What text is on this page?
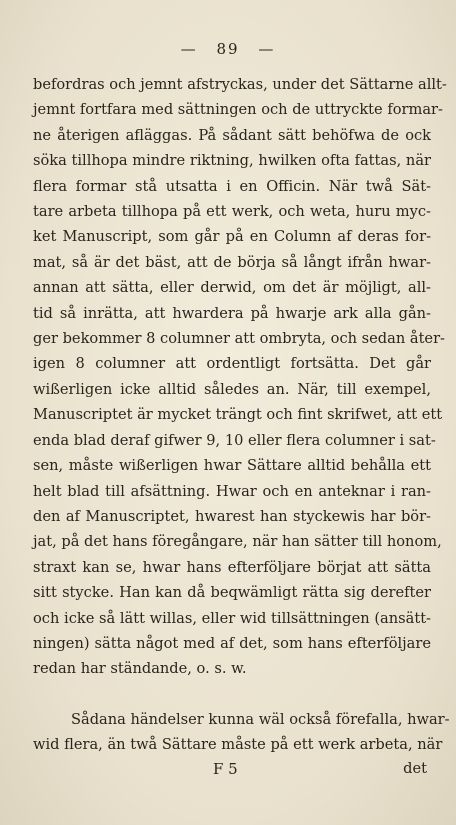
— 89 —
befordras och jemnt afstryckas, under det Sättarne allt-
jemnt fortfara med sättningen och de uttryckte formar-
ne återigen afläggas. På sådant sätt behöfwa de ock
söka tillhopa mindre riktning, hwilken ofta fattas, när
flera formar stå utsatta i en Officin. När twå Sät-
tare arbeta tillhopa på ett werk, och weta, huru myc-
ket Manuscript, som går på en Column af deras for-
mat, så är det bäst, att de börja så långt ifrån hwar-
annan att sätta, eller derwid, om det är möjligt, all-
tid så inrätta, att hwardera på hwarje ark alla gån-
ger bekommer 8 columner att ombryta, och sedan åter-
igen 8 columner att ordentligt fortsätta. Det går
wißerligen icke alltid således an. När, till exempel,
Manuscriptet är mycket trängt och fint skrifwet, att ett
enda blad deraf gifwer 9, 10 eller flera columner i sat-
sen, måste wißerligen hwar Sättare alltid behålla ett
helt blad till afsättning. Hwar och en anteknar i ran-
den af Manuscriptet, hwarest han styckewis har bör-
jat, på det hans föregångare, när han sätter till honom,
straxt kan se, hwar hans efterföljare börjat att sätta
sitt stycke. Han kan då beqwämligt rätta sig derefter
och icke så lätt willas, eller wid tillsättningen (ansätt-
ningen) sätta något med af det, som hans efterföljare
redan har ständande, o. s. w.
Sådana händelser kunna wäl också förefalla, hwar-
wid flera, än twå Sättare måste på ett werk arbeta, när
F 5	det
